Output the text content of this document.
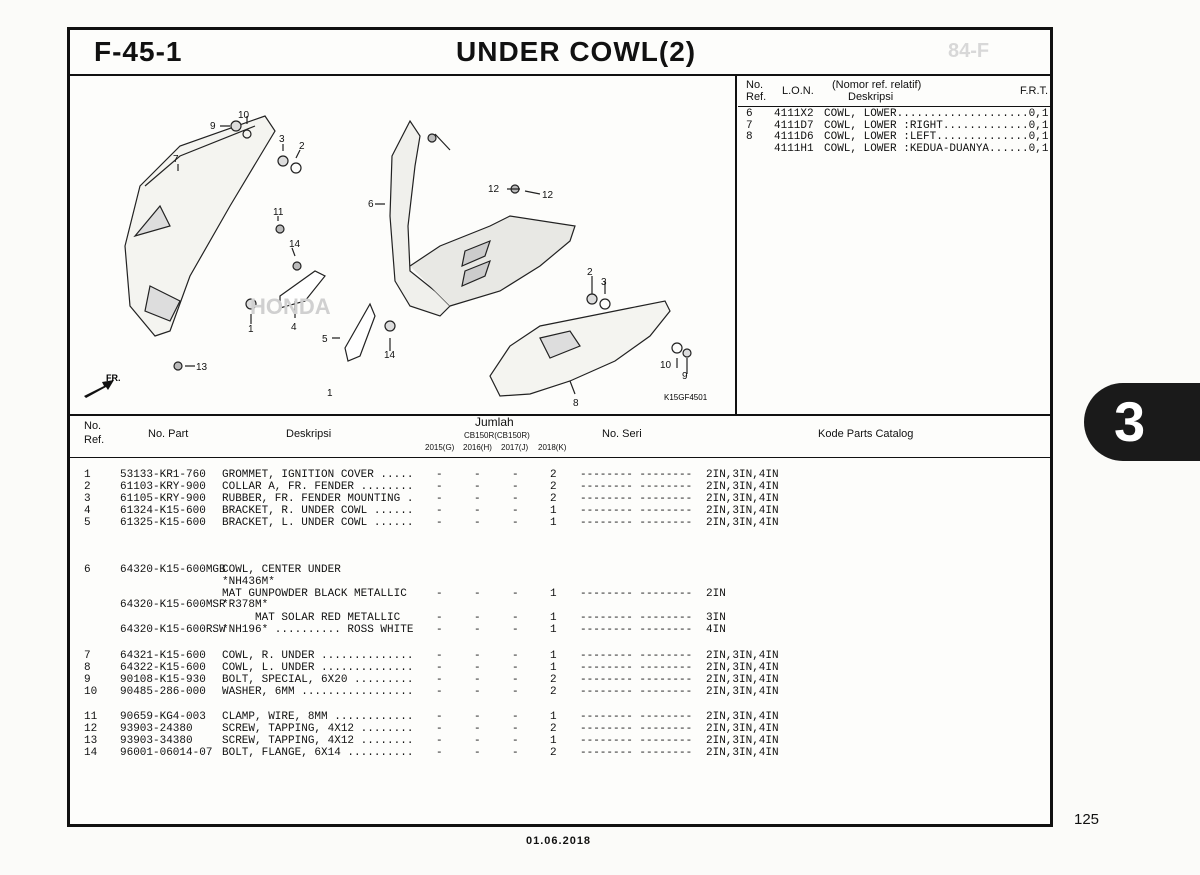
F-45-1	UNDER COWL(2)	84-F
HONDA
10
9
3
2
7
12
12
6
11
14
1	4
2
3
5
14
1
13	10
9
8
FR.
K15GF4501
No.
Ref. L.O.N. (Nomor ref. relatif)
Deskripsi	F.R.T.
6	4111X2 COWL, LOWER.................... 0,1
7	4111D7 COWL, LOWER :RIGHT............. 0,1
8	4111D6 COWL, LOWER :LEFT.............. 0,1
4111H1 COWL, LOWER :KEDUA-DUANYA...... 0,1
No.
Ref.	No. Part	Deskripsi
Jumlah
CB150R(CB150R)
2015(G) 2016(H) 2017(J) 2018(K)
No. Seri	Kode Parts Catalog
1	53133-KR1-760 GROMMET, IGNITION COVER ..... -	-	-	2 -------- -------- 2IN,3IN,4IN
2	61103-KRY-900 COLLAR A, FR. FENDER ........ -	-	-	2 -------- -------- 2IN,3IN,4IN
3	61105-KRY-900 RUBBER, FR. FENDER MOUNTING . -	-	-	2 -------- -------- 2IN,3IN,4IN
4	61324-K15-600 BRACKET, R. UNDER COWL ...... -	-	-	1 -------- -------- 2IN,3IN,4IN
5	61325-K15-600 BRACKET, L. UNDER COWL ...... -	-	-	1 -------- -------- 2IN,3IN,4IN
6	64320-K15-600MGB
COWL, CENTER UNDER
*NH436M*
MAT GUNPOWDER BLACK METALLIC	-	-	-	1 -------- -------- 2IN
64320-K15-600MSR
*R378M*
MAT SOLAR RED METALLIC	-	-	-	1 -------- -------- 3IN
64320-K15-600RSW
*NH196* .......... ROSS WHITE -	-	-	1 -------- -------- 4IN
7	64321-K15-600 COWL, R. UNDER .............. -	-	-	1 -------- -------- 2IN,3IN,4IN
8	64322-K15-600 COWL, L. UNDER .............. -	-	-	1 -------- -------- 2IN,3IN,4IN
9	90108-K15-930 BOLT, SPECIAL, 6X20 ......... -	-	-	2 -------- -------- 2IN,3IN,4IN
10 90485-286-000 WASHER, 6MM ................. -	-	-	2 -------- -------- 2IN,3IN,4IN
11 90659-KG4-003 CLAMP, WIRE, 8MM ............ -	-	-	1 -------- -------- 2IN,3IN,4IN
12 93903-24380	SCREW, TAPPING, 4X12 ........ -	-	-	2 -------- -------- 2IN,3IN,4IN
13 93903-34380	SCREW, TAPPING, 4X12 ........ -	-	-	1 -------- -------- 2IN,3IN,4IN
14 96001-06014-07 BOLT, FLANGE, 6X14 .......... -	-	-	2 -------- -------- 2IN,3IN,4IN
125
01.06.2018
3
